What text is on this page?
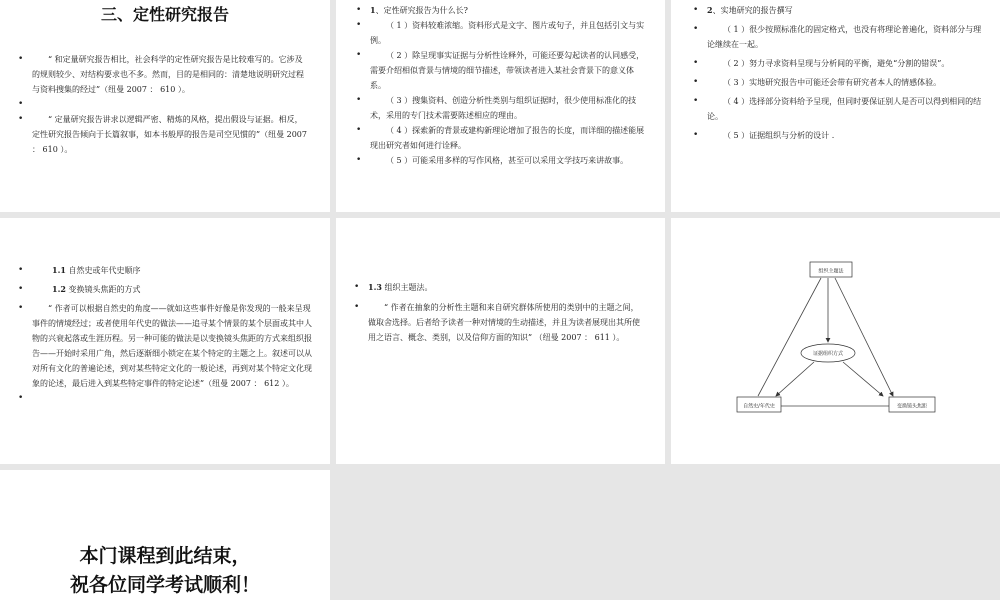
三、定性研究报告
•	“ 和定量研究报告相比，社会科学的定性研究报告是比较难写的。它涉及的规则较少、对结构要求也不多。然而，目的是相同的：清楚地说明研究过程与资料搜集的经过”（纽曼 2007 ： 610 ）。
•

•	“ 定量研究报告讲求以逻辑严密、精炼的风格，提出假设与证据。相反，定性研究报告倾向于长篇叙事，如本书般厚的报告是司空见惯的”（纽曼 2007 ： 610 ）。
• 1、定性研究报告为什么长?
•	（ 1 ）资料较难浓缩。资料形式是文字、图片或句子，并且包括引文与实例。
•	（ 2 ）除呈现事实证据与分析性诠释外，可能还要勾起读者的认同感受，需要介绍相似背景与情境的细节描述，带领读者进入某社会背景下的意义体系。
•	（ 3 ）搜集资料、创造分析性类别与组织证据时，很少使用标准化的技术，采用的专门技术需要陈述相应的理由。
•	（ 4 ）探索新的背景或建构新理论增加了报告的长度，而详细的描述能展现出研究者如何进行诠释。
•	（ 5 ）可能采用多样的写作风格，甚至可以采用文学技巧来讲故事。
• 2、实地研究的报告撰写
•	（ 1 ）很少按照标准化的固定格式，也没有将理论普遍化，资料部分与理论继续在一起。
•	（ 2 ）努力寻求资料呈现与分析间的平衡，避免“分割的错误”。
•	（ 3 ）实地研究报告中可能还会带有研究者本人的情感体验。
•	（ 4 ）选择部分资料给予呈现，但同时要保证别人是否可以得到相同的结论。
•	（ 5 ）证据组织与分析的设计 .
•	1.1 自然史或年代史顺序
•	1.2 变换镜头焦距的方式
•	“ 作者可以根据自然史的角度——就如这些事件好像是你发现的一般来呈现事件的情境经过；或者使用年代史的做法——追寻某个情景的某个层面或其中人物的兴衰起落或生涯历程。另一种可能的做法是以变换镜头焦距的方式来组织报告——开始时采用广角，然后逐渐细小锁定在某个特定的主题之上。叙述可以从对所有文化的普遍论述，到对某些特定文化的一般论述，再到对某个特定文化现象的论述，最后进入到某些特定事件的特定论述”（纽曼 2007 ： 612 ）。
•

• 1.3 组织主题法。
•	“ 作者在抽象的分析性主题和来自研究群体所使用的类别中的主题之间，做取舍选择。后者给予读者一种对情境的生动描述，并且为读者展现出其所使用之语言、概念、类别，以及信仰方面的知识” （纽曼 2007 ： 611 ）。
组织主题法
证据组织方式
自然史/年代史	变换镜头焦距
本门课程到此结束，
祝各位同学考试顺利！
